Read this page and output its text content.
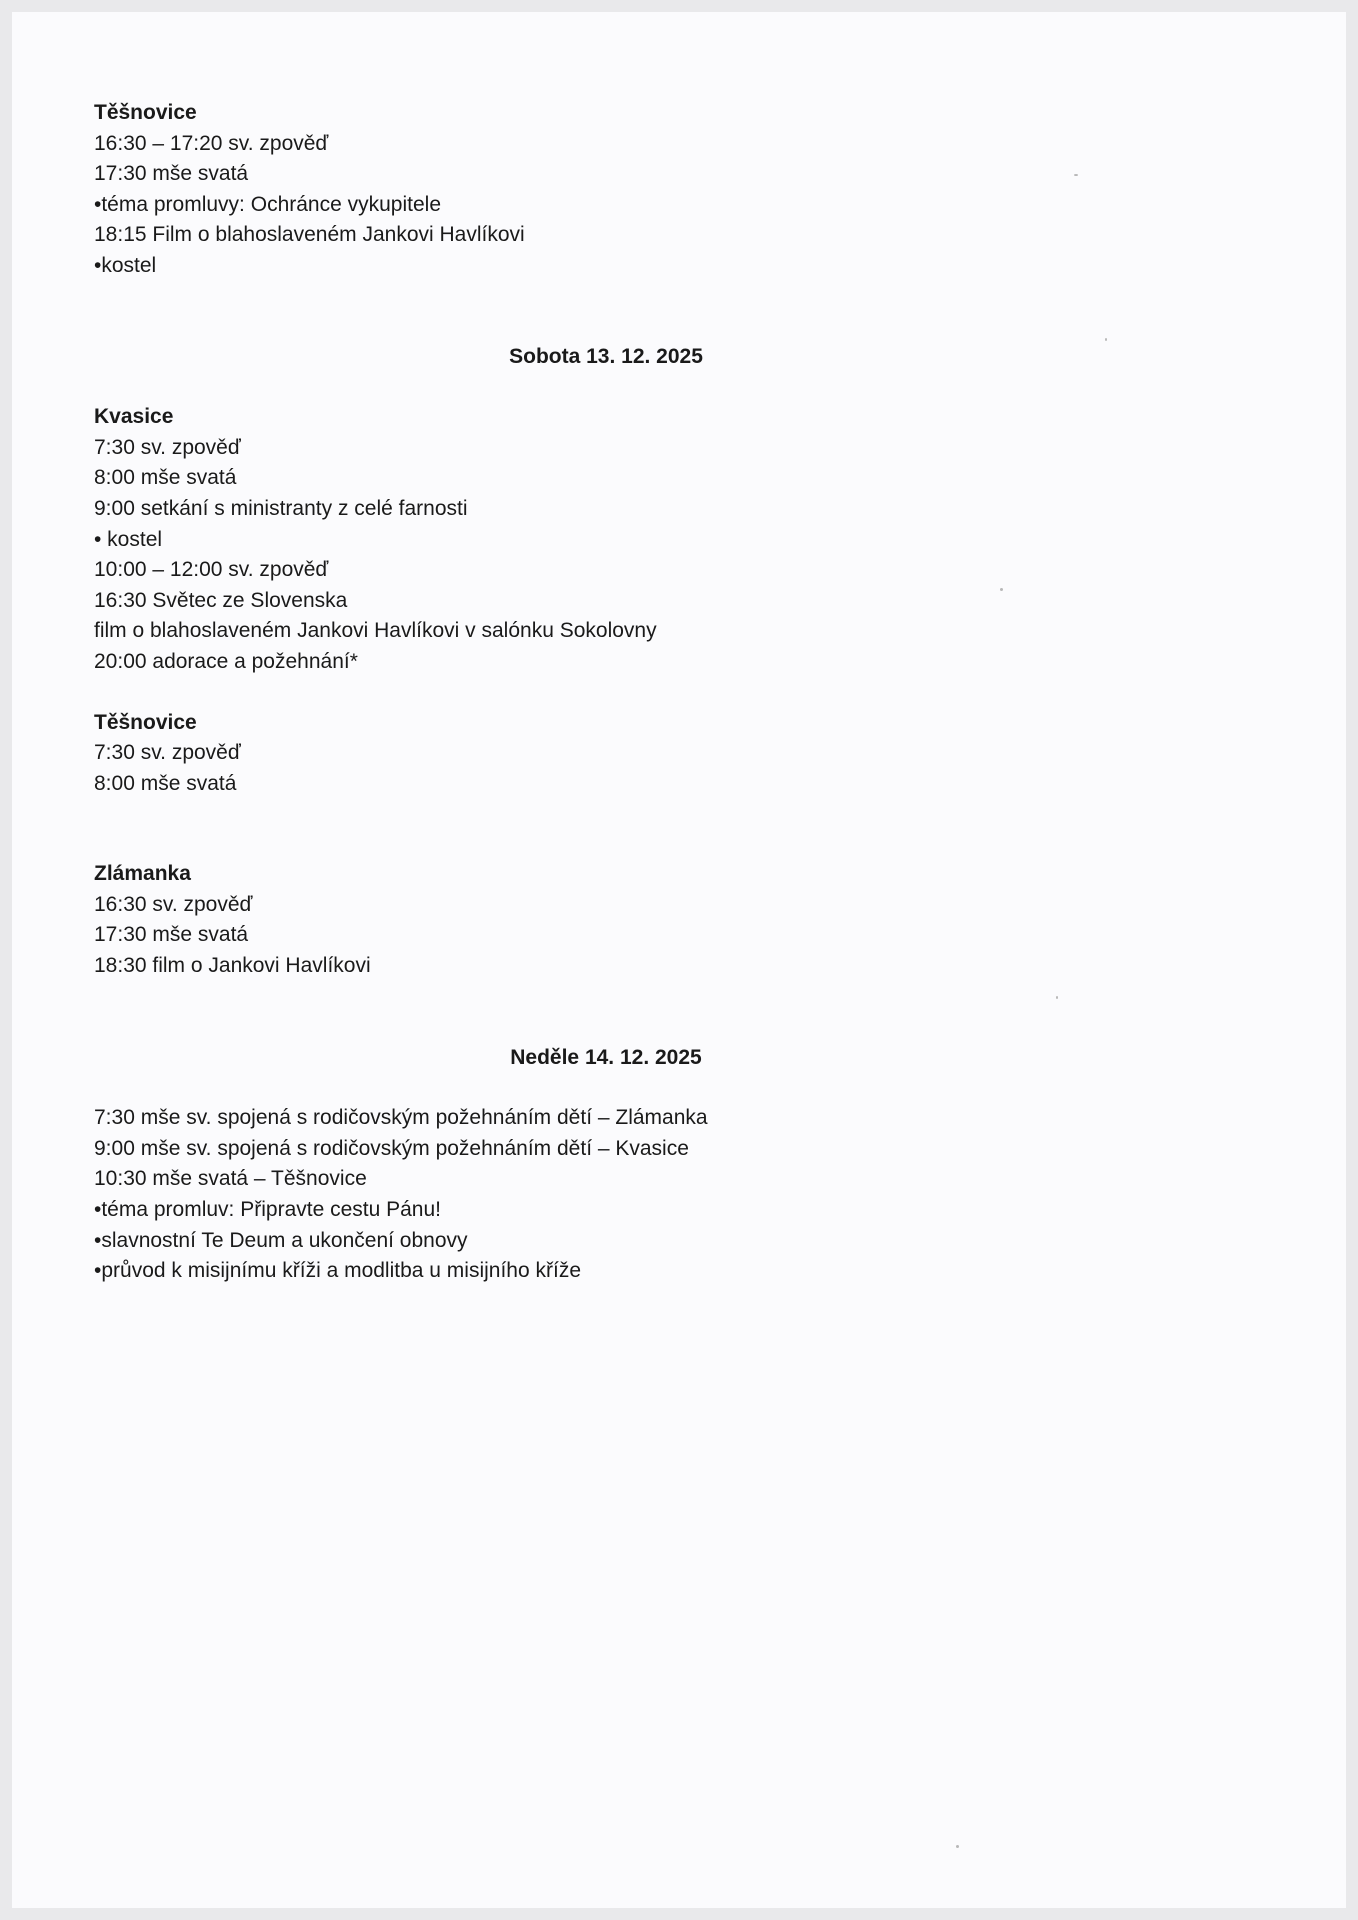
Těšnovice
16:30 – 17:20 sv. zpověď
17:30 mše svatá
•téma promluvy: Ochránce vykupitele
18:15 Film o blahoslaveném Jankovi Havlíkovi
•kostel
Sobota 13. 12. 2025
Kvasice
7:30 sv. zpověď
8:00 mše svatá
9:00 setkání s ministranty z celé farnosti
• kostel
10:00 – 12:00 sv. zpověď
16:30 Světec ze Slovenska
film o blahoslaveném Jankovi Havlíkovi v salónku Sokolovny
20:00 adorace a požehnání*
Těšnovice
7:30 sv. zpověď
8:00 mše svatá
Zlámanka
16:30 sv. zpověď
17:30 mše svatá
18:30 film o Jankovi Havlíkovi
Neděle 14. 12. 2025
7:30 mše sv. spojená s rodičovským požehnáním dětí – Zlámanka
9:00 mše sv. spojená s rodičovským požehnáním dětí – Kvasice
10:30 mše svatá – Těšnovice
•téma promluv: Připravte cestu Pánu!
•slavnostní Te Deum a ukončení obnovy
•průvod k misijnímu kříži a modlitba u misijního kříže
